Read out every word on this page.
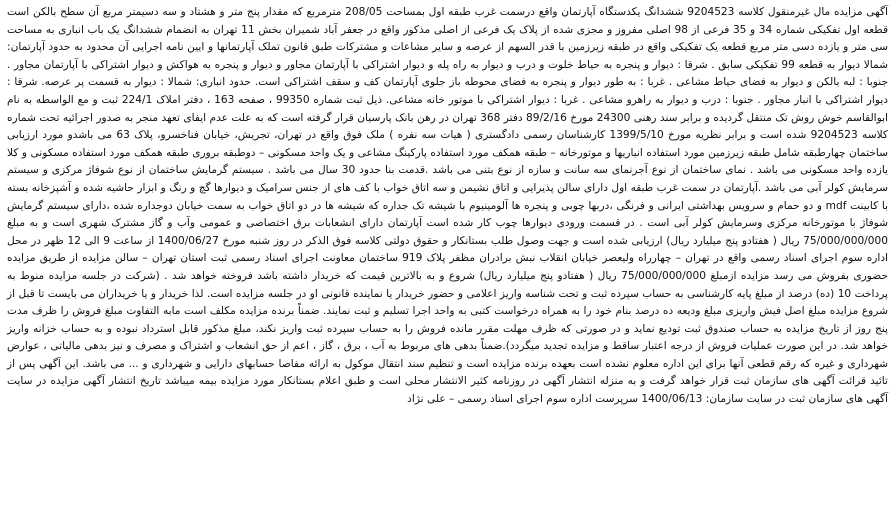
آگهی مزایده مال غیرمنقول کلاسه 9204523 ششدانگ یکدستگاه آپارتمان واقع درسمت غرب طبقه اول بمساحت 208/05 مترمربع که مقدار پنج متر و هشتاد و سه دسیمتر مربع آن سطح بالکن است قطعه اول تفکیکی شماره 34 و 35 فرعی از 98 اصلی مفروز و مجزی شده از پلاک یک فرعی از اصلی مذکور واقع در جعفر آباد شمیران بخش 11 تهران به انضمام ششدانگ یک باب انباری به مساحت سی متر و یازده دسی متر مربع قطعه یک تفکیکی واقع در طبقه زیرزمین با قدر السهم از عرصه و سایر مشاعات و مشترکات طبق قانون تملک آپارتمانها و ایین نامه اجرایی آن محدود به حدود آپارتمان: شمالا دیوار به قطعه 99 تفکیکی سابق . شرقا : دیوار و پنجره به حیاط خلوت و درب و دیوار به راه پله و دیوار اشتراکی با آپارتمان مجاور و دیوار و پنجره به هواکش و دیوار اشتراکی با آپارتمان مجاور . جنوبا : لبه بالکن و دیوار به فضای حیاط مشاعی . غربا : به طور دیوار و پنجره به فضای محوطه باز جلوی آپارتمان کف و سقف اشتراکی است. حدود انباری: شمالا : دیوار به قسمت پر عرصه. شرقا : دیوار اشتراکی با انبار مجاور . جنوبا : درب و دیوار به راهرو مشاعی . غربا : دیوار اشتراکی با موتور خانه مشاعی. ذیل ثبت شماره 99350 ، صفحه 163 ، دفتر املاک 224/1 ثبت و مع الواسطه به نام ابوالقاسم خوش روش تک منتقل گردیده و برابر سند رهنی 24300 مورخ 89/2/16 دفتر 368 تهران در رهن بانک پارسیان قرار گرفته است که به علت عدم ایفای تعهد منجر به صدور اجرائیه تحت شماره کلاسه 9204523 شده است و برابر نظریه مورخ 1399/5/10 کارشناسان رسمی دادگستری ( هیات سه نفره ) ملک فوق واقع در تهران، تجریش، خیابان فناخسرو، پلاک 63 می باشدو مورد ارزیابی ساختمان چهارطبقه شامل طبقه زیرزمین مورد استفاده انباریها و موتورخانه – طبقه همکف مورد استفاده پارکینگ مشاعی و یک واحد مسکونی – دوطبقه بروری طبقه همکف مورد استفاده مسکونی و کلا یازده واحد مسکونی می باشد . نمای ساختمان از نوع آجرنمای سه سانت و سازه از نوع بتنی می باشد .قدمت بنا حدود 30 سال می باشد . سیستم گرمایش ساختمان از نوع شوفاژ مرکزی و سیستم سرمایش کولر آبی می باشد .آپارتمان در سمت غرب طبقه اول دارای سالن پذیرایی و اتاق نشیمن و سه اتاق خواب با کف های از جنس سرامیک و دیوارها گچ و رنگ و ابزار حاشیه شده و آشپزخانه بسته با کابینت mdf و دو حمام و سرویس بهداشتی ایرانی و فرنگی ،دربها چوبی و پنجره ها آلومینیوم با شیشه تک جداره که شیشه ها در دو اتاق خواب به سمت خیابان دوجداره شده ،دارای سیستم گرمایش شوفاژ با موتورخانه مرکزی وسرمایش کولر آبی است . در قسمت ورودی دیوارها چوب کار شده است آپارتمان دارای انشعابات برق اختصاصی و عمومی وآب و گاز مشترک شهری است و به مبلغ 75/000/000/000 ریال ( هفتادو پنج میلیارد ریال) ارزیابی شده است و جهت وصول طلب بستانکار و حقوق دولتی کلاسه فوق الذکر در روز شنبه مورخ 1400/06/27 از ساعت 9 الی 12 ظهر در محل اداره سوم اجرای اسناد رسمی واقع در تهران – چهارراه ولیعصر خیابان انقلاب نبش برادران مظفر پلاک 919 ساختمان معاونت اجرای اسناد رسمی ثبت استان تهران – سالن مزایده از طریق مزایده حضوری بفروش می رسد مزایده ازمبلغ 75/000/000/000 ریال ( هفتادو پنج میلیارد ریال) شروع و به بالاترین قیمت که خریدار داشته باشد فروخته خواهد شد . (شرکت در جلسه مزایده منوط به پرداخت 10 (ده) درصد از مبلغ پایه کارشناسی به حساب سپرده ثبت و تحت شناسه واریز اعلامی و حضور خریدار یا نماینده قانونی او در جلسه مزایده است. لذا خریدار و یا خریداران می بایست تا قبل از شروع مزایده مبلغ اصل فیش واریزی مبلغ ودیعه ده درصد بنام خود را به همراه درخواست کتبی به واحد اجرا تسلیم و ثبت نمایند. ضمناً برنده مزایده مکلف است مابه التفاوت مبلغ فروش را ظرف مدت پنج روز از تاریخ مزایده به حساب صندوق ثبت تودیع نماید و در صورتی که ظرف مهلت مقرر مانده فروش را به حساب سپرده ثبت واریز نکند، مبلغ مذکور قابل استرداد نبوده و به حساب خزانه واریز خواهد شد. در این صورت عملیات فروش از درجه اعتبار ساقط و مزایده تجدید میگردد).ضمناً بدهی های مربوط به آب ، برق ، گاز ، اعم از حق انشعاب و اشتراک و مصرف و نیز بدهی مالیاتی ، عوارض شهرداری و غیره که رقم قطعی آنها برای این اداره معلوم نشده است بعهده برنده مزایده است و تنظیم سند انتقال موکول به ارائه مفاصا حسابهای دارایی و شهرداری و ... می باشد. این آگهی پس از تائید قرائت آگهی های سازمان ثبت قرار خواهد گرفت و به منزله انتشار آگهی در روزنامه کثیر الانتشار محلی است و طبق اعلام بستانکار مورد مزایده بیمه میباشد تاریخ انتشار آگهی مزایده در سایت آگهی های سازمان ثبت در سایت سازمان: 1400/06/13 سرپرست اداره سوم اجرای اسناد رسمی – علی نژاد
